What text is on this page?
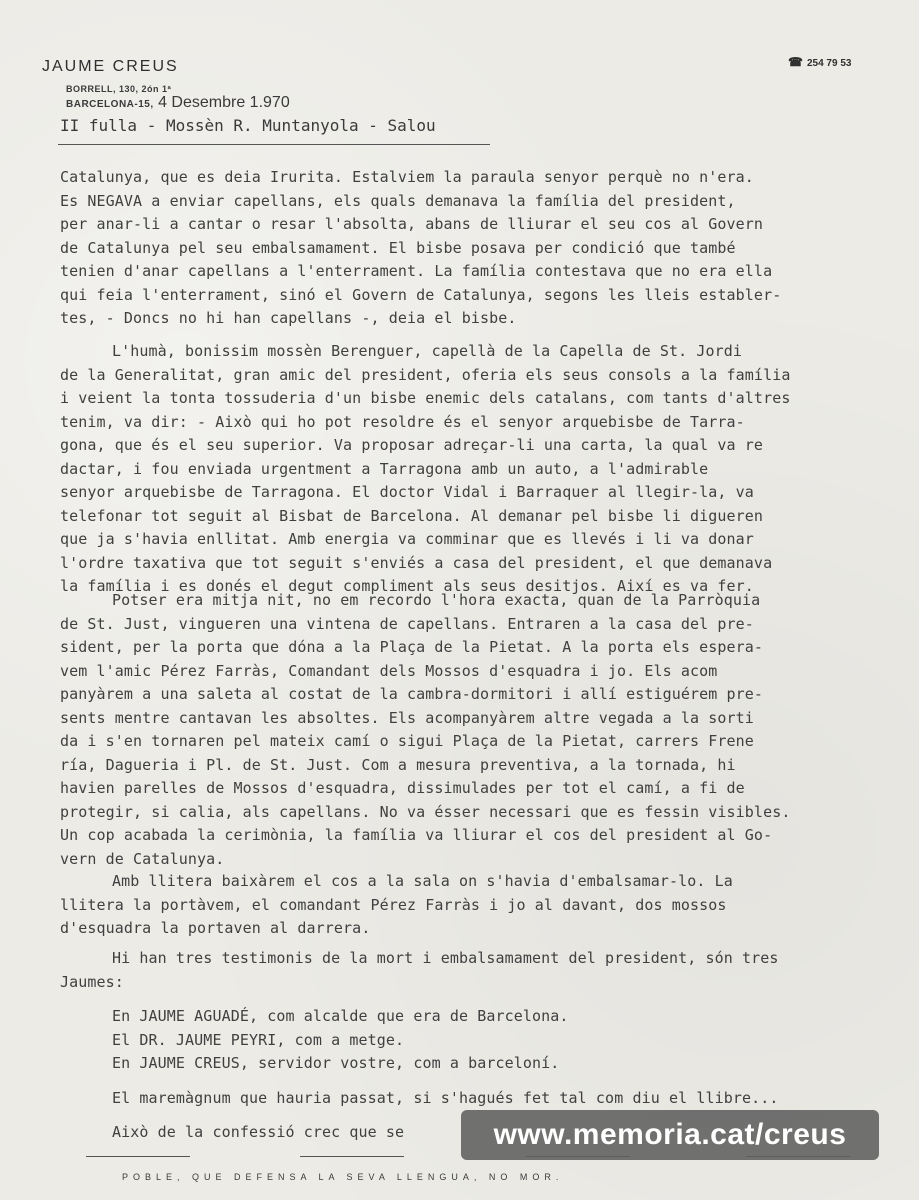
JAUME CREUS
BORRELL, 130, 2ón 1ª
☎ 254 79 53
BARCELONA-15, 4 Desembre 1.970
II fulla - Mossèn R. Muntanyola - Salou
Catalunya, que es deia Irurita. Estalviem la paraula senyor perquè no n'era.
Es NEGAVA a enviar capellans, els quals demanava la família del president,
per anar-li a cantar o resar l'absolta, abans de lliurar el seu cos al Govern
de Catalunya pel seu embalsamament. El bisbe posava per condició que també
tenien d'anar capellans a l'enterrament. La família contestava que no era ella
qui feia l'enterrament, sinó el Govern de Catalunya, segons les lleis establer-
tes, - Doncs no hi han capellans -, deia el bisbe.
L'humà, bonissim mossèn Berenguer, capellà de la Capella de St. Jordi
de la Generalitat, gran amic del president, oferia els seus consols a la família
i veient la tonta tossuderia d'un bisbe enemic dels catalans, com tants d'altres
tenim, va dir: - Això qui ho pot resoldre és el senyor arquebisbe de Tarra-
gona, que és el seu superior. Va proposar adreçar-li una carta, la qual va re
dactar, i fou enviada urgentment a Tarragona amb un auto, a l'admirable
senyor arquebisbe de Tarragona. El doctor Vidal i Barraquer al llegir-la, va
telefonar tot seguit al Bisbat de Barcelona. Al demanar pel bisbe li digueren
que ja s'havia enllitat. Amb energia va comminar que es llevés i li va donar
l'ordre taxativa que tot seguit s'enviés a casa del president, el que demanava
la família i es donés el degut compliment als seus desitjos. Així es va fer.
Potser era mitja nit, no em recordo l'hora exacta, quan de la Parròquia
de St. Just, vingueren una vintena de capellans. Entraren a la casa del pre-
sident, per la porta que dóna a la Plaça de la Pietat. A la porta els espera-
vem l'amic Pérez Farràs, Comandant dels Mossos d'esquadra i jo. Els acom
panyàrem a una saleta al costat de la cambra-dormitori i allí estiguérem pre-
sents mentre cantavan les absoltes. Els acompanyàrem altre vegada a la sorti
da i s'en tornaren pel mateix camí o sigui Plaça de la Pietat, carrers Frene
ría, Dagueria i Pl. de St. Just. Com a mesura preventiva, a la tornada, hi
havien parelles de Mossos d'esquadra, dissimulades per tot el camí, a fi de
protegir, si calia, als capellans. No va ésser necessari que es fessin visibles.
Un cop acabada la cerimònia, la família va lliurar el cos del president al Go-
vern de Catalunya.
Amb llitera baixàrem el cos a la sala on s'havia d'embalsamar-lo. La
llitera la portàvem, el comandant Pérez Farràs i jo al davant, dos mossos
d'esquadra la portaven al darrera.
Hi han tres testimonis de la mort i embalsamament del president, són tres
Jaumes:
En JAUME AGUADÉ, com alcalde que era de Barcelona.
El DR. JAUME PEYRI, com a metge.
En JAUME CREUS, servidor vostre, com a barceloní.
El maremàgnum que hauria passat, si s'hagués fet tal com diu el llibre...
Això de la confessió crec que se
POBLE, QUE DEFENSA LA SEVA LLENGUA, NO MOR.
www.memoria.cat/creus
